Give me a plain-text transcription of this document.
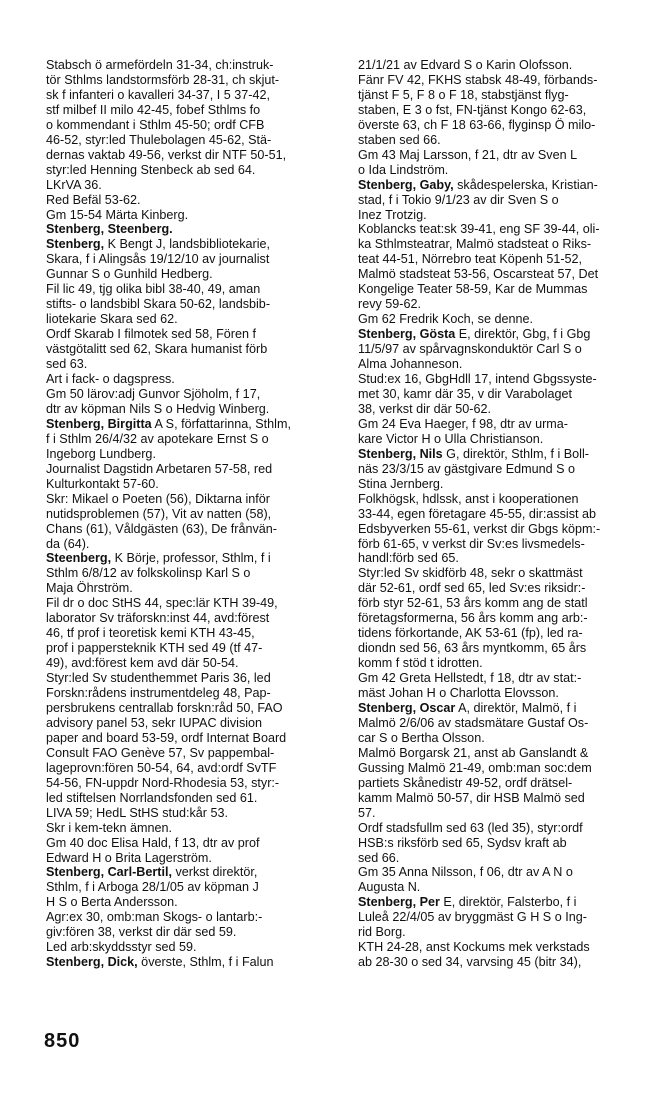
Stabsch ö armefördeln 31-34, ch:instruk-
tör Sthlms landstormsförb 28-31, ch skjut-
sk f infanteri o kavalleri 34-37, I 5 37-42,
stf milbef II milo 42-45, fobef Sthlms fo
o kommendant i Sthlm 45-50; ordf CFB
46-52, styr:led Thulebolagen 45-62, Stä-
dernas vaktab 49-56, verkst dir NTF 50-51,
styr:led Henning Stenbeck ab sed 64.
LKrVA 36.
Red Befäl 53-62.
Gm 15-54 Märta Kinberg.
Stenberg, Steenberg.
Stenberg, K Bengt J, landsbibliotekarie,
Skara, f i Alingsås 19/12/10 av journalist
Gunnar S o Gunhild Hedberg.
Fil lic 49, tjg olika bibl 38-40, 49, aman
stifts- o landsbibl Skara 50-62, landsbib-
liotekarie Skara sed 62.
Ordf Skarab I filmotek sed 58, Fören f
västgötalitt sed 62, Skara humanist förb
sed 63.
Art i fack- o dagspress.
Gm 50 lärov:adj Gunvor Sjöholm, f 17,
dtr av köpman Nils S o Hedvig Winberg.
Stenberg, Birgitta A S, författarinna, Sthlm,
f i Sthlm 26/4/32 av apotekare Ernst S o
Ingeborg Lundberg.
Journalist Dagstidn Arbetaren 57-58, red
Kulturkontakt 57-60.
Skr: Mikael o Poeten (56), Diktarna inför
nutidsproblemen (57), Vit av natten (58),
Chans (61), Våldgästen (63), De frånvän-
da (64).
Steenberg, K Börje, professor, Sthlm, f i
Sthlm 6/8/12 av folkskolinsp Karl S o
Maja Öhrström.
Fil dr o doc StHS 44, spec:lär KTH 39-49,
laborator Sv träforskn:inst 44, avd:förest
46, tf prof i teoretisk kemi KTH 43-45,
prof i pappersteknik KTH sed 49 (tf 47-
49), avd:förest kem avd där 50-54.
Styr:led Sv studenthemmet Paris 36, led
Forskn:rådens instrumentdeleg 48, Pap-
persbrukens centrallab forskn:råd 50, FAO
advisory panel 53, sekr IUPAC division
paper and board 53-59, ordf Internat Board
Consult FAO Genève 57, Sv pappembal-
lageprovn:fören 50-54, 64, avd:ordf SvTF
54-56, FN-uppdr Nord-Rhodesia 53, styr:-
led stiftelsen Norrlandsfonden sed 61.
LIVA 59; HedL StHS stud:kår 53.
Skr i kem-tekn ämnen.
Gm 40 doc Elisa Hald, f 13, dtr av prof
Edward H o Brita Lagerström.
Stenberg, Carl-Bertil, verkst direktör,
Sthlm, f i Arboga 28/1/05 av köpman J
H S o Berta Andersson.
Agr:ex 30, omb:man Skogs- o lantarb:-
giv:fören 38, verkst dir där sed 59.
Led arb:skyddsstyr sed 59.
Stenberg, Dick, överste, Sthlm, f i Falun
21/1/21 av Edvard S o Karin Olofsson.
Fänr FV 42, FKHS stabsk 48-49, förbands-
tjänst F 5, F 8 o F 18, stabstjänst flyg-
staben, E 3 o fst, FN-tjänst Kongo 62-63,
överste 63, ch F 18 63-66, flyginsp Ö milo-
staben sed 66.
Gm 43 Maj Larsson, f 21, dtr av Sven L
o Ida Lindström.
Stenberg, Gaby, skådespelerska, Kristian-
stad, f i Tokio 9/1/23 av dir Sven S o
Inez Trotzig.
Koblancks teat:sk 39-41, eng SF 39-44, oli-
ka Sthlmsteatrar, Malmö stadsteat o Riks-
teat 44-51, Nörrebro teat Köpenh 51-52,
Malmö stadsteat 53-56, Oscarsteat 57, Det
Kongelige Teater 58-59, Kar de Mummas
revy 59-62.
Gm 62 Fredrik Koch, se denne.
Stenberg, Gösta E, direktör, Gbg, f i Gbg
11/5/97 av spårvagnskonduktör Carl S o
Alma Johanneson.
Stud:ex 16, GbgHdll 17, intend Gbgssyste-
met 30, kamr där 35, v dir Varabolaget
38, verkst dir där 50-62.
Gm 24 Eva Haeger, f 98, dtr av urma-
kare Victor H o Ulla Christianson.
Stenberg, Nils G, direktör, Sthlm, f i Boll-
näs 23/3/15 av gästgivare Edmund S o
Stina Jernberg.
Folkhögsk, hdlssk, anst i kooperationen
33-44, egen företagare 45-55, dir:assist ab
Edsbyverken 55-61, verkst dir Gbgs köpm:-
förb 61-65, v verkst dir Sv:es livsmedels-
handl:förb sed 65.
Styr:led Sv skidförb 48, sekr o skattmäst
där 52-61, ordf sed 65, led Sv:es riksidr:-
förb styr 52-61, 53 års komm ang de statl
företagsformerna, 56 års komm ang arb:-
tidens förkortande, AK 53-61 (fp), led ra-
diondn sed 56, 63 års myntkomm, 65 års
komm f stöd t idrotten.
Gm 42 Greta Hellstedt, f 18, dtr av stat:-
mäst Johan H o Charlotta Elovsson.
Stenberg, Oscar A, direktör, Malmö, f i
Malmö 2/6/06 av stadsmätare Gustaf Os-
car S o Bertha Olsson.
Malmö Borgarsk 21, anst ab Ganslandt &
Gussing Malmö 21-49, omb:man soc:dem
partiets Skånedistr 49-52, ordf drätsel-
kamm Malmö 50-57, dir HSB Malmö sed
57.
Ordf stadsfullm sed 63 (led 35), styr:ordf
HSB:s riksförb sed 65, Sydsv kraft ab
sed 66.
Gm 35 Anna Nilsson, f 06, dtr av A N o
Augusta N.
Stenberg, Per E, direktör, Falsterbo, f i
Luleå 22/4/05 av bryggmäst G H S o Ing-
rid Borg.
KTH 24-28, anst Kockums mek verkstads
ab 28-30 o sed 34, varvsing 45 (bitr 34),
850
